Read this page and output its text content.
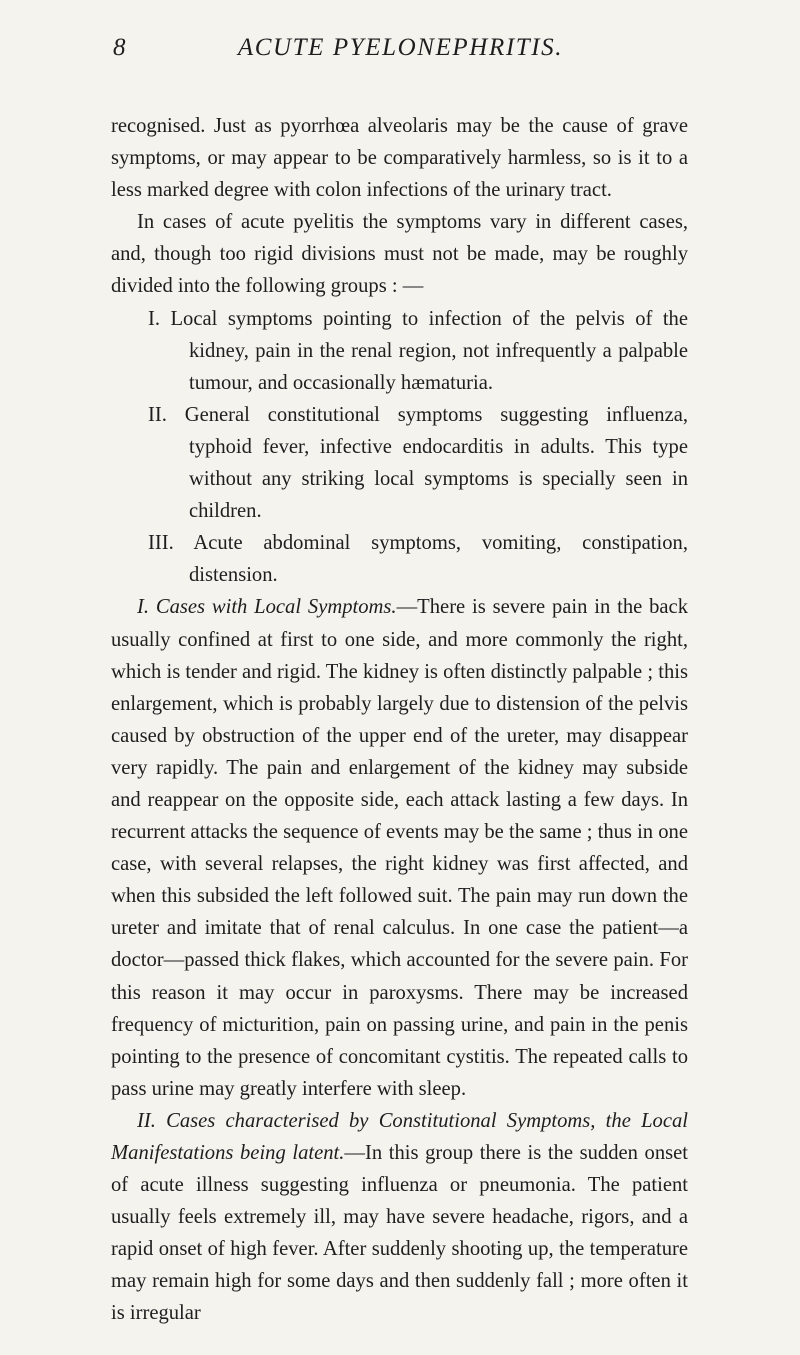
8	ACUTE PYELONEPHRITIS.

recognised. Just as pyorrhœa alveolaris may be the cause of grave symptoms, or may appear to be comparatively harmless, so is it to a less marked degree with colon infections of the urinary tract.

In cases of acute pyelitis the symptoms vary in different cases, and, though too rigid divisions must not be made, may be roughly divided into the following groups : —

I. Local symptoms pointing to infection of the pelvis of the kidney, pain in the renal region, not infrequently a palpable tumour, and occasionally hæmaturia.

II. General constitutional symptoms suggesting influenza, typhoid fever, infective endocarditis in adults. This type without any striking local symptoms is specially seen in children.

III. Acute abdominal symptoms, vomiting, constipation, distension.

I. Cases with Local Symptoms.—There is severe pain in the back usually confined at first to one side, and more commonly the right, which is tender and rigid. The kidney is often distinctly palpable ; this enlargement, which is probably largely due to distension of the pelvis caused by obstruction of the upper end of the ureter, may disappear very rapidly. The pain and enlargement of the kidney may subside and reappear on the opposite side, each attack lasting a few days. In recurrent attacks the sequence of events may be the same ; thus in one case, with several relapses, the right kidney was first affected, and when this subsided the left followed suit. The pain may run down the ureter and imitate that of renal calculus. In one case the patient—a doctor—passed thick flakes, which accounted for the severe pain. For this reason it may occur in paroxysms. There may be increased frequency of micturition, pain on passing urine, and pain in the penis pointing to the presence of concomitant cystitis. The repeated calls to pass urine may greatly interfere with sleep.

II. Cases characterised by Constitutional Symptoms, the Local Manifestations being latent.—In this group there is the sudden onset of acute illness suggesting influenza or pneumonia. The patient usually feels extremely ill, may have severe headache, rigors, and a rapid onset of high fever. After suddenly shooting up, the temperature may remain high for some days and then suddenly fall ; more often it is irregular
